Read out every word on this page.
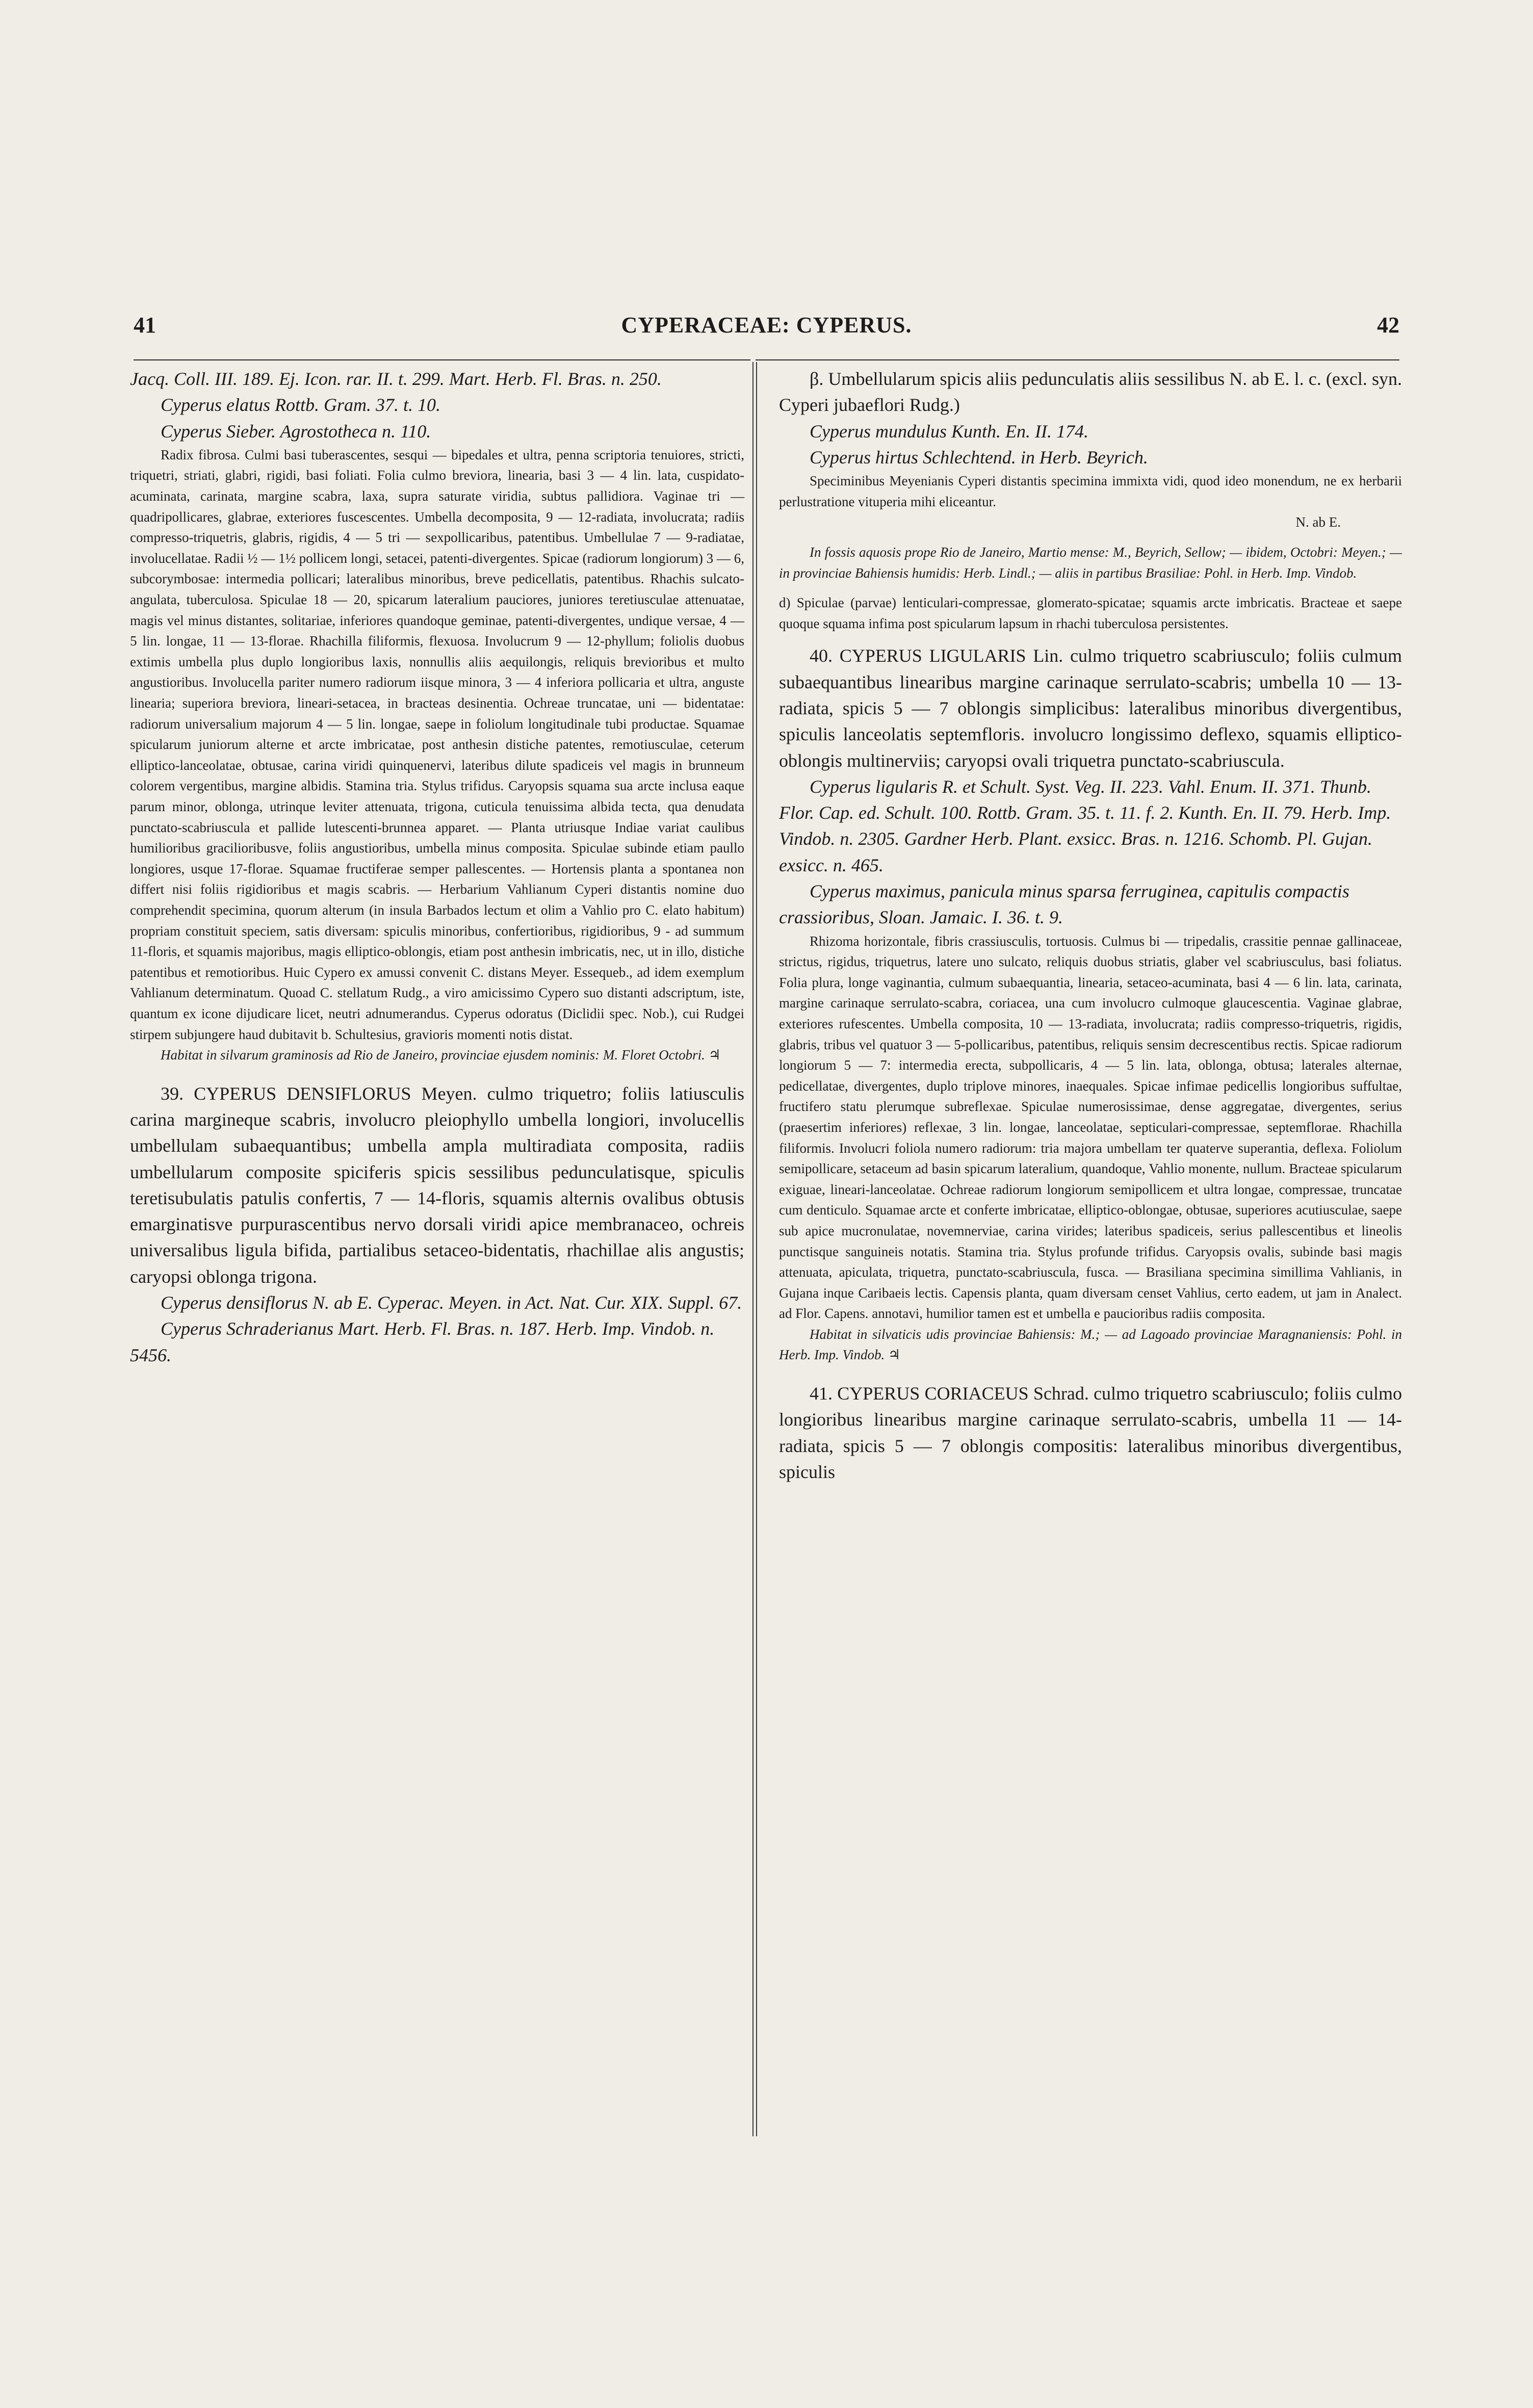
41	CYPERACEAE: CYPERUS.	42

Jacq. Coll. III. 189. Ej. Icon. rar. II. t. 299. Mart. Herb. Fl. Bras. n. 250.

Cyperus elatus Rottb. Gram. 37. t. 10.

Cyperus Sieber. Agrostotheca n. 110.

Radix fibrosa. Culmi basi tuberascentes, sesqui — bipedales et ultra, penna scriptoria tenuiores, stricti, triquetri, striati, glabri, rigidi, basi foliati. Folia culmo breviora, linearia, basi 3 — 4 lin. lata, cuspidato-acuminata, carinata, margine scabra, laxa, supra saturate viridia, subtus pallidiora. Vaginae tri — quadripollicares, glabrae, exteriores fuscescentes. Umbella decomposita, 9 — 12-radiata, involucrata; radiis compresso-triquetris, glabris, rigidis, 4 — 5 tri — sexpollicaribus, patentibus. Umbellulae 7 — 9-radiatae, involucellatae. Radii ½ — 1½ pollicem longi, setacei, patenti-divergentes. Spicae (radiorum longiorum) 3 — 6, subcorymbosae: intermedia pollicari; lateralibus minoribus, breve pedicellatis, patentibus. Rhachis sulcato-angulata, tuberculosa. Spiculae 18 — 20, spicarum lateralium pauciores, juniores teretiusculae attenuatae, magis vel minus distantes, solitariae, inferiores quandoque geminae, patenti-divergentes, undique versae, 4 — 5 lin. longae, 11 — 13-florae. Rhachilla filiformis, flexuosa. Involucrum 9 — 12-phyllum; foliolis duobus extimis umbella plus duplo longioribus laxis, nonnullis aliis aequilongis, reliquis brevioribus et multo angustioribus. Involucella pariter numero radiorum iisque minora, 3 — 4 inferiora pollicaria et ultra, anguste linearia; superiora breviora, lineari-setacea, in bracteas desinentia. Ochreae truncatae, uni — bidentatae: radiorum universalium majorum 4 — 5 lin. longae, saepe in foliolum longitudinale tubi productae. Squamae spicularum juniorum alterne et arcte imbricatae, post anthesin distiche patentes, remotiusculae, ceterum elliptico-lanceolatae, obtusae, carina viridi quinquenervi, lateribus dilute spadiceis vel magis in brunneum colorem vergentibus, margine albidis. Stamina tria. Stylus trifidus. Caryopsis squama sua arcte inclusa eaque parum minor, oblonga, utrinque leviter attenuata, trigona, cuticula tenuissima albida tecta, qua denudata punctato-scabriuscula et pallide lutescenti-brunnea apparet. — Planta utriusque Indiae variat caulibus humilioribus gracilioribusve, foliis angustioribus, umbella minus composita. Spiculae subinde etiam paullo longiores, usque 17-florae. Squamae fructiferae semper pallescentes. — Hortensis planta a spontanea non differt nisi foliis rigidioribus et magis scabris. — Herbarium Vahlianum Cyperi distantis nomine duo comprehendit specimina, quorum alterum (in insula Barbados lectum et olim a Vahlio pro C. elato habitum) propriam constituit speciem, satis diversam: spiculis minoribus, confertioribus, rigidioribus, 9 - ad summum 11-floris, et squamis majoribus, magis elliptico-oblongis, etiam post anthesin imbricatis, nec, ut in illo, distiche patentibus et remotioribus. Huic Cypero ex amussi convenit C. distans Meyer. Essequeb., ad idem exemplum Vahlianum determinatum. Quoad C. stellatum Rudg., a viro amicissimo Cypero suo distanti adscriptum, iste, quantum ex icone dijudicare licet, neutri adnumerandus. Cyperus odoratus (Diclidii spec. Nob.), cui Rudgei stirpem subjungere haud dubitavit b. Schultesius, gravioris momenti notis distat.

Habitat in silvarum graminosis ad Rio de Janeiro, provinciae ejusdem nominis: M. Floret Octobri. ♃

39. CYPERUS DENSIFLORUS Meyen. culmo triquetro; foliis latiusculis carina margineque scabris, involucro pleiophyllo umbella longiori, involucellis umbellulam subaequantibus; umbella ampla multiradiata composita, radiis umbellularum composite spiciferis spicis sessilibus pedunculatisque, spiculis teretisubulatis patulis confertis, 7 — 14-floris, squamis alternis ovalibus obtusis emarginatisve purpurascentibus nervo dorsali viridi apice membranaceo, ochreis universalibus ligula bifida, partialibus setaceo-bidentatis, rhachillae alis angustis; caryopsi oblonga trigona.

Cyperus densiflorus N. ab E. Cyperac. Meyen. in Act. Nat. Cur. XIX. Suppl. 67.

Cyperus Schraderianus Mart. Herb. Fl. Bras. n. 187. Herb. Imp. Vindob. n. 5456.

β. Umbellularum spicis aliis pedunculatis aliis sessilibus N. ab E. l. c. (excl. syn. Cyperi jubaeflori Rudg.)

Cyperus mundulus Kunth. En. II. 174.

Cyperus hirtus Schlechtend. in Herb. Beyrich.

Speciminibus Meyenianis Cyperi distantis specimina immixta vidi, quod ideo monendum, ne ex herbarii perlustratione vituperia mihi eliceantur.

N. ab E.

In fossis aquosis prope Rio de Janeiro, Martio mense: M., Beyrich, Sellow; — ibidem, Octobri: Meyen.; — in provinciae Bahiensis humidis: Herb. Lindl.; — aliis in partibus Brasiliae: Pohl. in Herb. Imp. Vindob.

d) Spiculae (parvae) lenticulari-compressae, glomerato-spicatae; squamis arcte imbricatis. Bracteae et saepe quoque squama infima post spicularum lapsum in rhachi tuberculosa persistentes.

40. CYPERUS LIGULARIS Lin. culmo triquetro scabriusculo; foliis culmum subaequantibus linearibus margine carinaque serrulato-scabris; umbella 10 — 13-radiata, spicis 5 — 7 oblongis simplicibus: lateralibus minoribus divergentibus, spiculis lanceolatis septemfloris. involucro longissimo deflexo, squamis elliptico-oblongis multinerviis; caryopsi ovali triquetra punctato-scabriuscula.

Cyperus ligularis R. et Schult. Syst. Veg. II. 223. Vahl. Enum. II. 371. Thunb. Flor. Cap. ed. Schult. 100. Rottb. Gram. 35. t. 11. f. 2. Kunth. En. II. 79. Herb. Imp. Vindob. n. 2305. Gardner Herb. Plant. exsicc. Bras. n. 1216. Schomb. Pl. Gujan. exsicc. n. 465.

Cyperus maximus, panicula minus sparsa ferruginea, capitulis compactis crassioribus, Sloan. Jamaic. I. 36. t. 9.

Rhizoma horizontale, fibris crassiusculis, tortuosis. Culmus bi — tripedalis, crassitie pennae gallinaceae, strictus, rigidus, triquetrus, latere uno sulcato, reliquis duobus striatis, glaber vel scabriusculus, basi foliatus. Folia plura, longe vaginantia, culmum subaequantia, linearia, setaceo-acuminata, basi 4 — 6 lin. lata, carinata, margine carinaque serrulato-scabra, coriacea, una cum involucro culmoque glaucescentia. Vaginae glabrae, exteriores rufescentes. Umbella composita, 10 — 13-radiata, involucrata; radiis compresso-triquetris, rigidis, glabris, tribus vel quatuor 3 — 5-pollicaribus, patentibus, reliquis sensim decrescentibus rectis. Spicae radiorum longiorum 5 — 7: intermedia erecta, subpollicaris, 4 — 5 lin. lata, oblonga, obtusa; laterales alternae, pedicellatae, divergentes, duplo triplove minores, inaequales. Spicae infimae pedicellis longioribus suffultae, fructifero statu plerumque subreflexae. Spiculae numerosissimae, dense aggregatae, divergentes, serius (praesertim inferiores) reflexae, 3 lin. longae, lanceolatae, septiculari-compressae, septemflorae. Rhachilla filiformis. Involucri foliola numero radiorum: tria majora umbellam ter quaterve superantia, deflexa. Foliolum semipollicare, setaceum ad basin spicarum lateralium, quandoque, Vahlio monente, nullum. Bracteae spicularum exiguae, lineari-lanceolatae. Ochreae radiorum longiorum semipollicem et ultra longae, compressae, truncatae cum denticulo. Squamae arcte et conferte imbricatae, elliptico-oblongae, obtusae, superiores acutiusculae, saepe sub apice mucronulatae, novemnerviae, carina virides; lateribus spadiceis, serius pallescentibus et lineolis punctisque sanguineis notatis. Stamina tria. Stylus profunde trifidus. Caryopsis ovalis, subinde basi magis attenuata, apiculata, triquetra, punctato-scabriuscula, fusca. — Brasiliana specimina simillima Vahlianis, in Gujana inque Caribaeis lectis. Capensis planta, quam diversam censet Vahlius, certo eadem, ut jam in Analect. ad Flor. Capens. annotavi, humilior tamen est et umbella e paucioribus radiis composita.

Habitat in silvaticis udis provinciae Bahiensis: M.; — ad Lagoado provinciae Maragnaniensis: Pohl. in Herb. Imp. Vindob. ♃

41. CYPERUS CORIACEUS Schrad. culmo triquetro scabriusculo; foliis culmo longioribus linearibus margine carinaque serrulato-scabris, umbella 11 — 14-radiata, spicis 5 — 7 oblongis compositis: lateralibus minoribus divergentibus, spiculis
